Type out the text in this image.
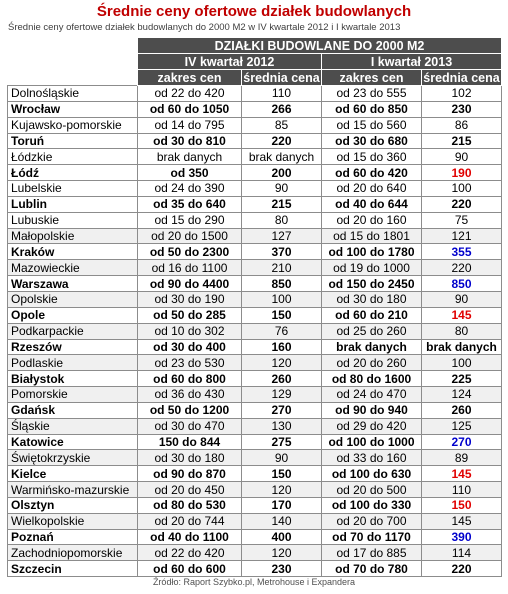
Średnie ceny ofertowe działek budowlanych
Średnie ceny ofertowe działek budowlanych do 2000 M2 w IV kwartale 2012 i I kwartale 2013
	DZIAŁKI BUDOWLANE DO 2000 M2			
	IV kwartał 2012		I kwartał 2013	
	zakres cen	średnia cena	zakres cen	średnia cena
Dolnośląskie	od 22 do 420	110	od 23 do 555	102
Wrocław	od 60 do 1050	266	od 60 do 850	230
Kujawsko-pomorskie	od 14 do 795	85	od 15 do 560	86
Toruń	od 30 do 810	220	od 30 do 680	215
Łódzkie	brak danych	brak danych	od 15 do 360	90
Łódź	od 350	200	od 60 do 420	190
Lubelskie	od 24 do 390	90	od 20 do 640	100
Lublin	od 35 do 640	215	od 40 do 644	220
Lubuskie	od 15 do 290	80	od 20 do 160	75
Małopolskie	od 20 do 1500	127	od 15 do 1801	121
Kraków	od 50 do 2300	370	od 100 do 1780	355
Mazowieckie	od 16 do 1100	210	od 19 do 1000	220
Warszawa	od 90 do 4400	850	od 150 do 2450	850
Opolskie	od 30 do 190	100	od 30 do 180	90
Opole	od 50 do 285	150	od 60 do 210	145
Podkarpackie	od 10 do 302	76	od 25 do 260	80
Rzeszów	od 30 do 400	160	brak danych	brak danych
Podlaskie	od 23 do 530	120	od 20 do 260	100
Białystok	od 60 do 800	260	od 80 do 1600	225
Pomorskie	od 36 do 430	129	od 24 do 470	124
Gdańsk	od 50 do 1200	270	od 90 do 940	260
Śląskie	od 30 do 470	130	od 29 do 420	125
Katowice	150 do 844	275	od 100 do 1000	270
Świętokrzyskie	od 30 do 180	90	od 33 do 160	89
Kielce	od 90 do 870	150	od 100 do 630	145
Warmińsko-mazurskie	od 20 do 450	120	od 20 do 500	110
Olsztyn	od 80 do 530	170	od 100 do 330	150
Wielkopolskie	od 20 do 744	140	od 20 do 700	145
Poznań	od 40 do 1100	400	od 70 do 1170	390
Zachodniopomorskie	od 22 do 420	120	od 17 do 885	114
Szczecin	od 60 do 600	230	od 70 do 780	220
Źródło: Raport Szybko.pl, Metrohouse i Expandera
